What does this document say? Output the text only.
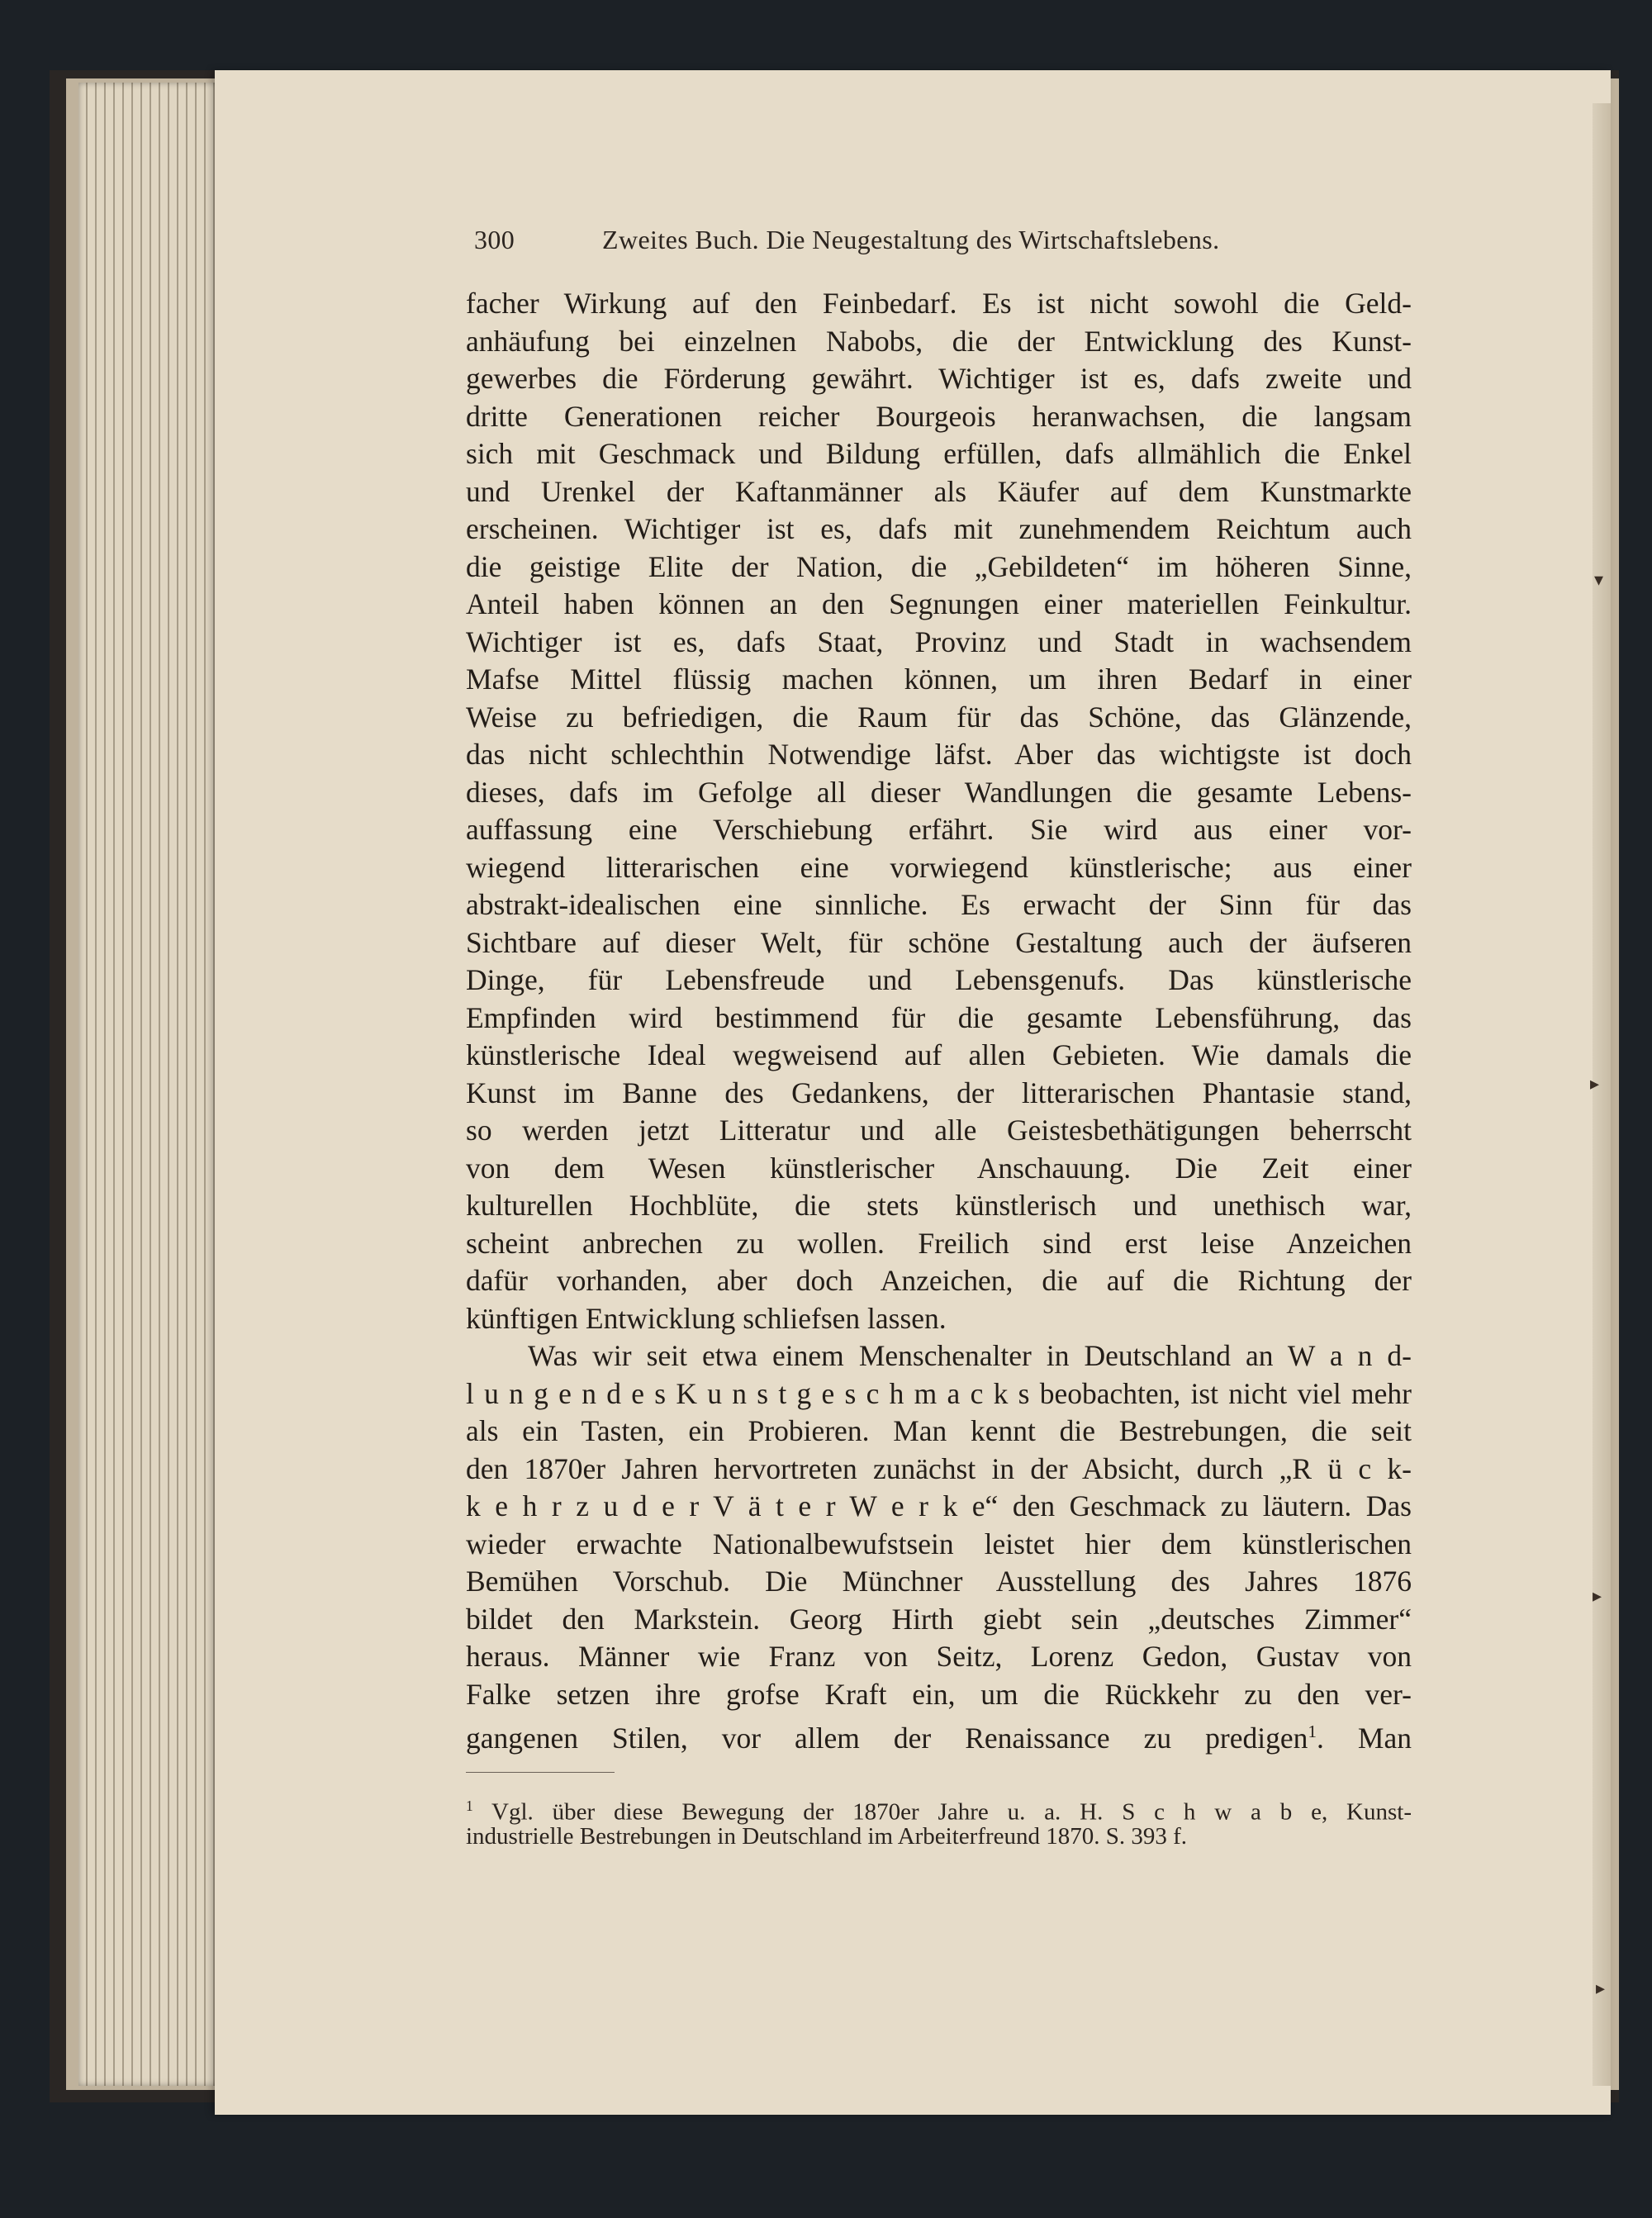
300	Zweites Buch. Die Neugestaltung des Wirtschaftslebens.
facher Wirkung auf den Feinbedarf. Es ist nicht sowohl die Geld-
anhäufung bei einzelnen Nabobs, die der Entwicklung des Kunst-
gewerbes die Förderung gewährt. Wichtiger ist es, dafs zweite und
dritte Generationen reicher Bourgeois heranwachsen, die langsam
sich mit Geschmack und Bildung erfüllen, dafs allmählich die Enkel
und Urenkel der Kaftanmänner als Käufer auf dem Kunstmarkte
erscheinen. Wichtiger ist es, dafs mit zunehmendem Reichtum auch
die geistige Elite der Nation, die „Gebildeten“ im höheren Sinne,
Anteil haben können an den Segnungen einer materiellen Feinkultur.
Wichtiger ist es, dafs Staat, Provinz und Stadt in wachsendem
Mafse Mittel flüssig machen können, um ihren Bedarf in einer
Weise zu befriedigen, die Raum für das Schöne, das Glänzende,
das nicht schlechthin Notwendige läfst. Aber das wichtigste ist doch
dieses, dafs im Gefolge all dieser Wandlungen die gesamte Lebens-
auffassung eine Verschiebung erfährt. Sie wird aus einer vor-
wiegend litterarischen eine vorwiegend künstlerische; aus einer
abstrakt-idealischen eine sinnliche. Es erwacht der Sinn für das
Sichtbare auf dieser Welt, für schöne Gestaltung auch der äufseren
Dinge, für Lebensfreude und Lebensgenufs. Das künstlerische
Empfinden wird bestimmend für die gesamte Lebensführung, das
künstlerische Ideal wegweisend auf allen Gebieten. Wie damals die
Kunst im Banne des Gedankens, der litterarischen Phantasie stand,
so werden jetzt Litteratur und alle Geistesbethätigungen beherrscht
von dem Wesen künstlerischer Anschauung. Die Zeit einer
kulturellen Hochblüte, die stets künstlerisch und unethisch war,
scheint anbrechen zu wollen. Freilich sind erst leise Anzeichen
dafür vorhanden, aber doch Anzeichen, die auf die Richtung der
künftigen Entwicklung schliefsen lassen.
Was wir seit etwa einem Menschenalter in Deutschland an W a n d-
l u n g e n d e s K u n s t g e s c h m a c k s beobachten, ist nicht viel mehr
als ein Tasten, ein Probieren. Man kennt die Bestrebungen, die seit
den 1870er Jahren hervortreten zunächst in der Absicht, durch „R ü c k-
k e h r z u d e r V ä t e r W e r k e“ den Geschmack zu läutern. Das
wieder erwachte Nationalbewufstsein leistet hier dem künstlerischen
Bemühen Vorschub. Die Münchner Ausstellung des Jahres 1876
bildet den Markstein. Georg Hirth giebt sein „deutsches Zimmer“
heraus. Männer wie Franz von Seitz, Lorenz Gedon, Gustav von
Falke setzen ihre grofse Kraft ein, um die Rückkehr zu den ver-
gangenen Stilen, vor allem der Renaissance zu predigen$^1$. Man
$^1$ Vgl. über diese Bewegung der 1870er Jahre u. a. H. S c h w a b e, Kunst-
industrielle Bestrebungen in Deutschland im Arbeiterfreund 1870. S. 393 f.
▾
▸
▸
▸
